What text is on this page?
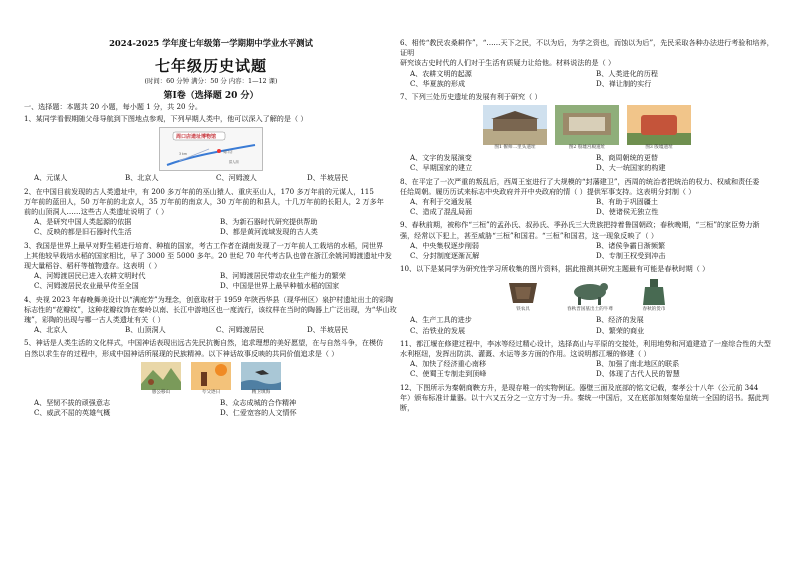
2024-2025 学年度七年级第一学期期中学业水平测试
七年级历史试题
(时间：60 分钟 满分：50 分 内容：1—12 课)
第Ⅰ卷（选择题 20 分）

一、选择题：本题共 20 小题，每小题 1 分，共 20 分。

1、某同学看假期随父母导航到下图地点参观，下列早期人类中，他可以深入了解的是（ ）

周口店遗址博物馆
3 km	周口店
猿人洞
A、元谋人	B、北京人	C、河姆渡人	D、半坡居民

2、在中国目前发现的古人类遗址中，有 200 多万年前的巫山猿人、重庆巫山人，170 多万年前的元谋人，115

万年前的蓝田人，50 万年前的北京人，35 万年前的南京人，30 万年前的和县人，十几万年前的长阳人，2 万多年

前的山顶洞人……这些古人类遗址说明了（ ）

A、是研究中国人类起源的依据	B、为新石器时代研究提供帮助
C、反映的都是旧石器时代生活	D、都是黄河流域发现的古人类

3、我国是世界上最早对野生稻进行培育、种植的国家，考古工作者在湖南发现了一万年前人工栽培的水稻，同世界

上其他较早栽培水稻的国家相比，早了 3000 至 5000 多年。20 世纪 70 年代考古队也曾在浙江余姚河姆渡遗址中发

现大量稻谷、稻秆等植物遗存。这表明（ ）

A、河姆渡居民已进入农耕文明时代	B、河姆渡居民带动农业生产能力的繁荣
C、河姆渡居民农业最早传至全国	D、中国是世界上最早种植水稻的国家

4、央视 2023 年春晚舞美设计以“满庭芳”为理念，创意取材于 1959 年陕西华县（现华州区）泉护村遗址出土的彩陶

标志性的“花瓣纹”，这种花瓣纹饰在秦岭以南、长江中游地区也一度流行，该纹样在当时的陶器上广泛出现，为“华山玫瑰”，彩陶的出现与哪一古人类遗址有关（ ）

A、北京人	B、山顶洞人	C、河姆渡居民	D、半坡居民

5、神话是人类生活的文化样式，中国神话表现出远古先民抗衡自然，追求理想的美好愿望，在与自然斗争，在模仿

自然以求生存的过程中，形成中国神话所展现的民族精神。以下神话故事反映的共同价值追求是（ ）

愚公移山	夸父逐日	精卫填海
A、坚韧不拔的顽强意志	B、众志成城的合作精神
C、威武不屈的英雄气概	D、仁爱宽容的人文情怀

6、相传“教民农桑耕作”，“……天下之民，不以为后，为学之资也，而蚀以为后”，先民采取各种办法进行考验和培养，证明

研究该古史时代的人们对于生活有质疑力让给他。材料说法的是（ ）

A、农耕文明的起源	B、人类进化的历程
C、华夏族的形成	D、禅让制的实行

7、下列三处历史遗址的发展有利于研究（ ）

图1 偃师二里头遗址	图2 殷墟宫殿遗址	图3 殷墟遗址
A、文字的发展演变	B、商周朝统的更替
C、早期国家的建立	D、大一统国家的构建

8、在平定了一次严重的叛乱后，西周王室进行了大规模的“封藩建卫”，西周的统治者把统治的权力、权威和责任委

任给周朝。履历历试来标志中央政府并开中央政府的情（ ）提供军事支持。这表明分封制（ ）

A、有利于交通发展	B、有助于巩固疆土
C、造成了混乱局面	D、使诸侯无独立性

9、春秋前期，被称作“三桓”的孟孙氏、叔孙氏、季孙氏三大贵族把持着鲁国朝政；春秋晚期，“三桓”的家臣势力渐

强，经常以下犯上，甚至威胁“三桓”和国君。“三桓”和国君，这一现象反映了（ ）

A、中央集权逐步削弱	B、诸侯争霸日渐频繁
C、分封制度逐渐瓦解	D、专制王权受到冲击

10、以下是某同学为研究性学习所收集的图片资料，据此推测其研究主题最有可能是春秋时期（ ）

铁农具	春秋晋国墓出土的牛尊	春秋的货币
A、生产工具的进步	B、经济的发展
C、治铁业的发展	D、繁荣的商业

11、都江堰在修建过程中，李冰等经过精心设计，选择高山与平原的交接处，利用地势和河道建造了一座综合性的大型

水利枢纽，发挥出防洪、灌溉、水运等多方面的作用。这说明都江堰的修建（ ）

A、加快了经济重心南移	B、加强了南北地区的联系
C、使蜀王专制走到顶峰	D、体现了古代人民的智慧

12、下图所示为秦朝商鞅方升，是现存唯一的实物例证。器壁三面及底部的铭文记载，秦孝公十八年（公元前 344

年）颁布标准计量器。以十六又五分之一立方寸为一升。秦统一中国后，又在底部加刻秦始皇统一全国的诏书。据此判断，
